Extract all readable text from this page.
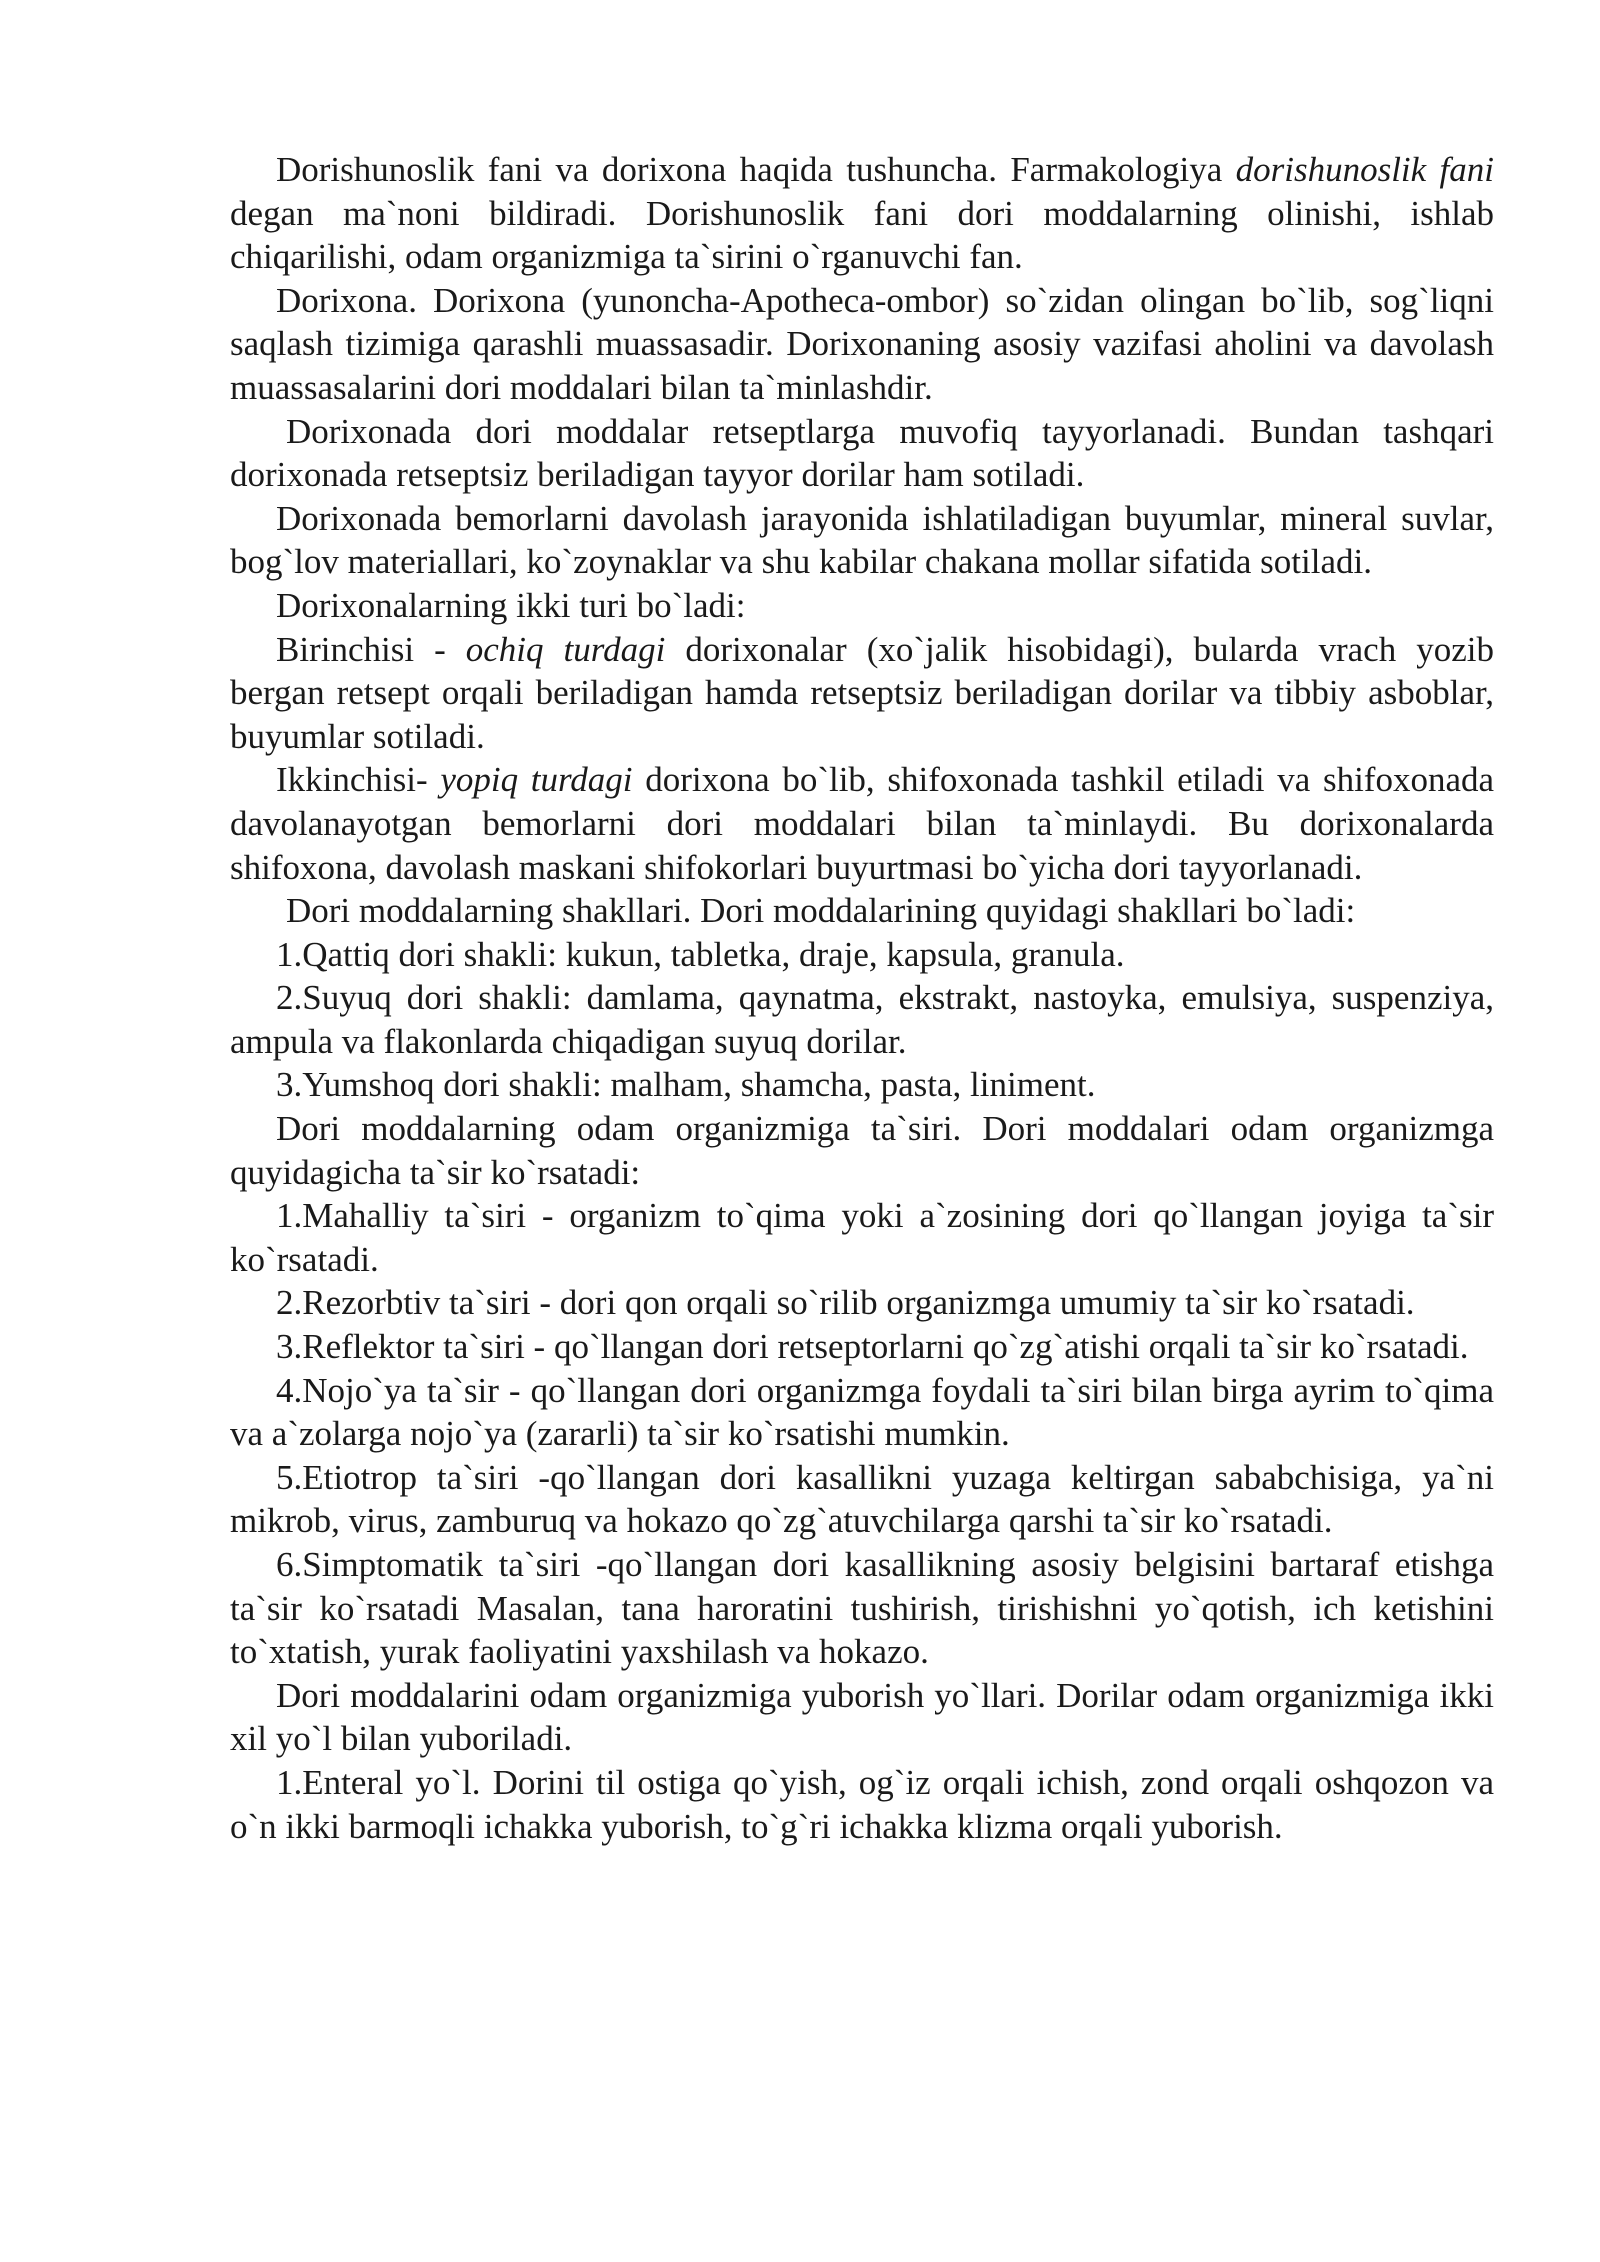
Dorishunoslik fani va dorixona haqida tushuncha. Farmakologiya dorishunoslik fani degan ma`noni bildiradi. Dorishunoslik fani dori moddalarning olinishi, ishlab chiqarilishi, odam organizmiga ta`sirini o`rganuvchi fan.

Dorixona. Dorixona (yunoncha-Apotheca-ombor) so`zidan olingan bo`lib, sog`liqni saqlash tizimiga qarashli muassasadir. Dorixonaning asosiy vazifasi aholini va davolash muassasalarini dori moddalari bilan ta`minlashdir.

Dorixonada dori moddalar retseptlarga muvofiq tayyorlanadi. Bundan tashqari dorixonada retseptsiz beriladigan tayyor dorilar ham sotiladi.

Dorixonada bemorlarni davolash jarayonida ishlatiladigan buyumlar, mineral suvlar, bog`lov materiallari, ko`zoynaklar va shu kabilar chakana mollar sifatida sotiladi.

Dorixonalarning ikki turi bo`ladi:

Birinchisi - ochiq turdagi dorixonalar (xo`jalik hisobidagi), bularda vrach yozib bergan retsept orqali beriladigan hamda retseptsiz beriladigan dorilar va tibbiy asboblar, buyumlar sotiladi.

Ikkinchisi- yopiq turdagi dorixona bo`lib, shifoxonada tashkil etiladi va shifoxonada davolanayotgan bemorlarni dori moddalari bilan ta`minlaydi. Bu dorixonalarda shifoxona, davolash maskani shifokorlari buyurtmasi bo`yicha dori tayyorlanadi.

Dori moddalarning shakllari. Dori moddalarining quyidagi shakllari bo`ladi:

1.Qattiq dori shakli: kukun, tabletka, draje, kapsula, granula.

2.Suyuq dori shakli: damlama, qaynatma, ekstrakt, nastoyka, emulsiya, suspenziya, ampula va flakonlarda chiqadigan suyuq dorilar.

3.Yumshoq dori shakli: malham, shamcha, pasta, liniment.

Dori moddalarning odam organizmiga ta`siri. Dori moddalari odam organizmga quyidagicha ta`sir ko`rsatadi:

1.Mahalliy ta`siri - organizm to`qima yoki a`zosining dori qo`llangan joyiga ta`sir ko`rsatadi.

2.Rezorbtiv ta`siri - dori qon orqali so`rilib organizmga umumiy ta`sir ko`rsatadi.

3.Reflektor ta`siri - qo`llangan dori retseptorlarni qo`zg`atishi orqali ta`sir ko`rsatadi.

4.Nojo`ya ta`sir - qo`llangan dori organizmga foydali ta`siri bilan birga ayrim to`qima va a`zolarga nojo`ya (zararli) ta`sir ko`rsatishi mumkin.

5.Etiotrop ta`siri -qo`llangan dori kasallikni yuzaga keltirgan sababchisiga, ya`ni mikrob, virus, zamburuq va hokazo qo`zg`atuvchilarga qarshi ta`sir ko`rsatadi.

6.Simptomatik ta`siri -qo`llangan dori kasallikning asosiy belgisini bartaraf etishga ta`sir ko`rsatadi Masalan, tana haroratini tushirish, tirishishni yo`qotish, ich ketishini to`xtatish, yurak faoliyatini yaxshilash va hokazo.

Dori moddalarini odam organizmiga yuborish yo`llari. Dorilar odam organizmiga ikki xil yo`l bilan yuboriladi.

1.Enteral yo`l. Dorini til ostiga qo`yish, og`iz orqali ichish, zond orqali oshqozon va o`n ikki barmoqli ichakka yuborish, to`g`ri ichakka klizma orqali yuborish.
